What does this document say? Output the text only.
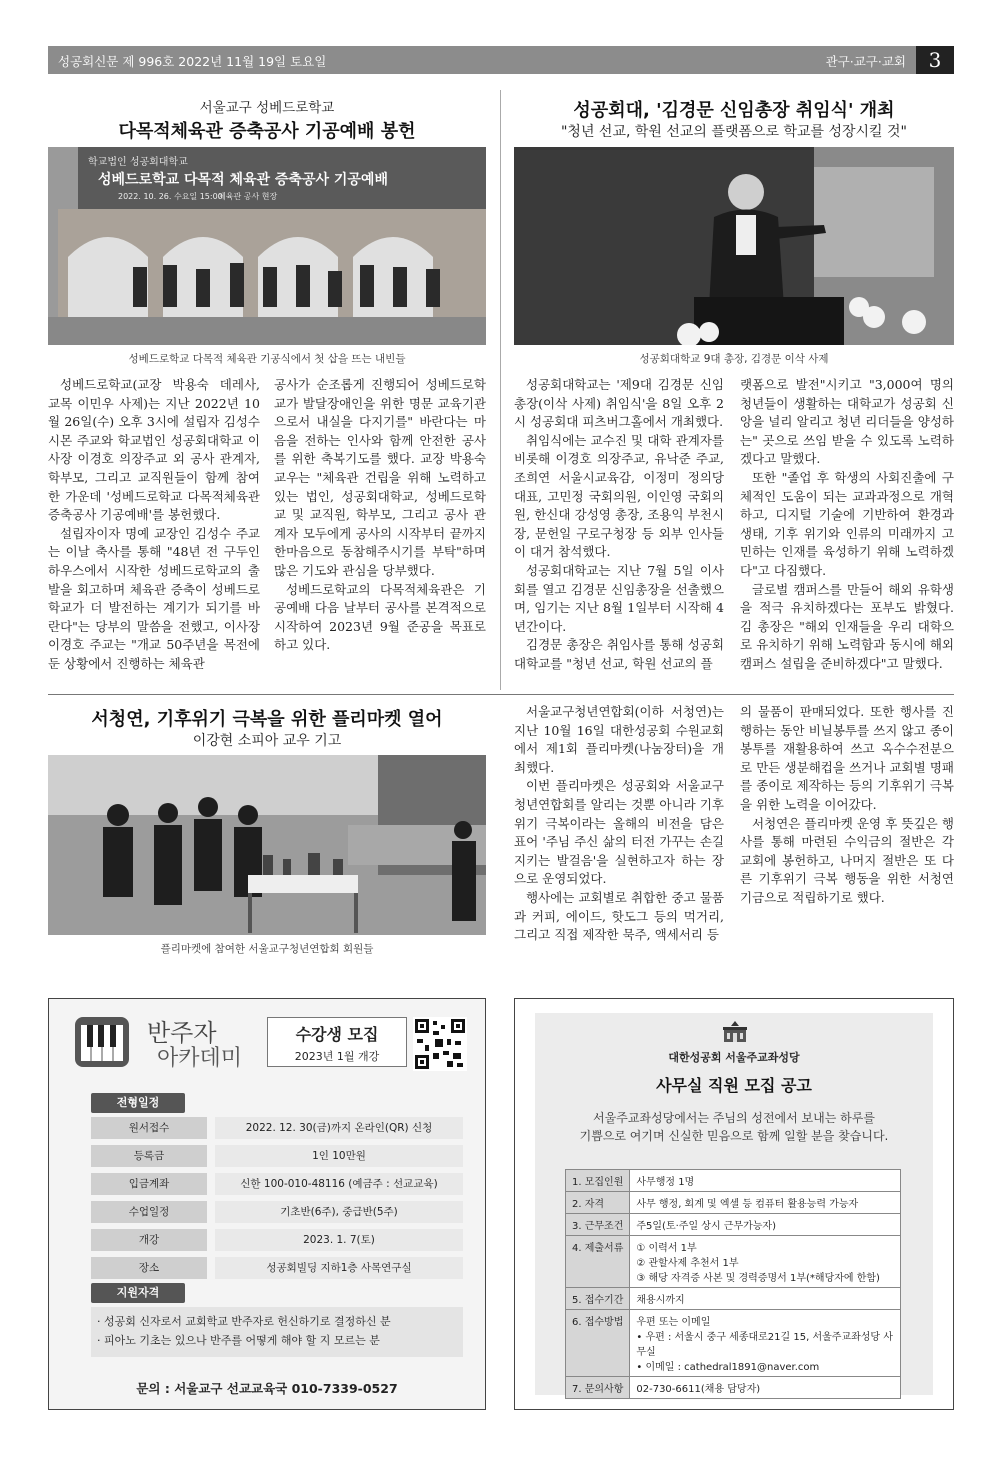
성공회신문 제 996호 2022년 11월 19일 토요일	관구·교구·교회	3
서울교구 성베드로학교
다목적체육관 증축공사 기공예배 봉헌
학교법인 성공회대학교
성베드로학교 다목적 체육관 증축공사 기공예배
2022. 10. 26. 수요일 15:00
체육관 공사 현장
성베드로학교 다목적 체육관 기공식에서 첫 삽을 뜨는 내빈들

성베드로학교(교장 박용숙 데레사, 교목 이민우 사제)는 지난 2022년 10월 26일(수) 오후 3시에 설립자 김성수 시몬 주교와 학교법인 성공회대학교 이사장 이경호 의장주교 외 공사 관계자, 학부모, 그리고 교직원들이 함께 참여한 가운데 '성베드로학교 다목적체육관 증축공사 기공예배'를 봉헌했다.

설립자이자 명예 교장인 김성수 주교는 이날 축사를 통해 "48년 전 구두인 하우스에서 시작한 성베드로학교의 출발을 회고하며 체육관 증축이 성베드로학교가 더 발전하는 계기가 되기를 바란다"는 당부의 말씀을 전했고, 이사장 이경호 주교는 "개교 50주년을 목전에 둔 상황에서 진행하는 체육관

공사가 순조롭게 진행되어 성베드로학교가 발달장애인을 위한 명문 교육기관으로서 내실을 다지기를" 바란다는 마음을 전하는 인사와 함께 안전한 공사를 위한 축복기도를 했다. 교장 박용숙 교우는 "체육관 건립을 위해 노력하고 있는 법인, 성공회대학교, 성베드로학교 및 교직원, 학부모, 그리고 공사 관계자 모두에게 공사의 시작부터 끝까지 한마음으로 동참해주시기를 부탁"하며 많은 기도와 관심을 당부했다.

성베드로학교의 다목적체육관은 기공예배 다음 날부터 공사를 본격적으로 시작하여 2023년 9월 준공을 목표로 하고 있다.

성공회대, '김경문 신임총장 취임식' 개최
"청년 선교, 학원 선교의 플랫폼으로 학교를 성장시킬 것"
성공회대학교 9대 총장, 김경문 이삭 사제

성공회대학교는 '제9대 김경문 신임총장(이삭 사제) 취임식'을 8일 오후 2시 성공회대 피츠버그홀에서 개최했다.

취임식에는 교수진 및 대학 관계자를 비롯해 이경호 의장주교, 유낙준 주교, 조희연 서울시교육감, 이정미 정의당 대표, 고민정 국회의원, 이인영 국회의원, 한신대 강성영 총장, 조용익 부천시장, 문헌일 구로구청장 등 외부 인사들이 대거 참석했다.

성공회대학교는 지난 7월 5일 이사회를 열고 김경문 신임총장을 선출했으며, 임기는 지난 8월 1일부터 시작해 4년간이다.

김경문 총장은 취임사를 통해 성공회대학교를 "청년 선교, 학원 선교의 플

랫폼으로 발전"시키고 "3,000여 명의 청년들이 생활하는 대학교가 성공회 신앙을 널리 알리고 청년 리더들을 양성하는" 곳으로 쓰임 받을 수 있도록 노력하겠다고 말했다.

또한 "졸업 후 학생의 사회진출에 구체적인 도움이 되는 교과과정으로 개혁하고, 디지털 기술에 기반하여 환경과 생태, 기후 위기와 인류의 미래까지 고민하는 인재를 육성하기 위해 노력하겠다"고 다짐했다.

글로벌 캠퍼스를 만들어 해외 유학생을 적극 유치하겠다는 포부도 밝혔다. 김 총장은 "해외 인재들을 우리 대학으로 유치하기 위해 노력함과 동시에 해외 캠퍼스 설립을 준비하겠다"고 말했다.

서청연, 기후위기 극복을 위한 플리마켓 열어
이강현 소피아 교우 기고
플리마켓에 참여한 서울교구청년연합회 회원들

서울교구청년연합회(이하 서청연)는 지난 10월 16일 대한성공회 수원교회에서 제1회 플리마켓(나눔장터)을 개최했다.

이번 플리마켓은 성공회와 서울교구청년연합회를 알리는 것뿐 아니라 기후위기 극복이라는 올해의 비전을 담은 표어 '주님 주신 삶의 터전 가꾸는 손길 지키는 발걸음'을 실현하고자 하는 장으로 운영되었다.

행사에는 교회별로 취합한 중고 물품과 커피, 에이드, 핫도그 등의 먹거리, 그리고 직접 제작한 묵주, 액세서리 등

의 물품이 판매되었다. 또한 행사를 진행하는 동안 비닐봉투를 쓰지 않고 종이봉투를 재활용하여 쓰고 옥수수전분으로 만든 생분해컵을 쓰거나 교회별 명패를 종이로 제작하는 등의 기후위기 극복을 위한 노력을 이어갔다.

서청연은 플리마켓 운영 후 뜻깊은 행사를 통해 마련된 수익금의 절반은 각 교회에 봉헌하고, 나머지 절반은 또 다른 기후위기 극복 행동을 위한 서청연 기금으로 적립하기로 했다.

반주자
아카데미
수강생 모집
2023년 1월 개강
전형일정
원서접수	2022. 12. 30(금)까지 온라인(QR) 신청
등록금	1인 10만원
입금계좌	신한 100-010-48116 (예금주 : 선교교육)
수업일정	기초반(6주), 중급반(5주)
개강	2023. 1. 7(토)
장소	성공회빌딩 지하1층 사목연구실
지원자격
· 성공회 신자로서 교회학교 반주자로 헌신하기로 결정하신 분
· 피아노 기초는 있으나 반주를 어떻게 해야 할 지 모르는 분
문의 : 서울교구 선교교육국 010-7339-0527
대한성공회 서울주교좌성당
사무실 직원 모집 공고
서울주교좌성당에서는 주님의 성전에서 보내는 하루를
기쁨으로 여기며 신실한 믿음으로 함께 일할 분을 찾습니다.
1. 모집인원	사무행정 1명
2. 자격	사무 행정, 회계 및 엑셀 등 컴퓨터 활용능력 가능자
3. 근무조건	주5일(토·주일 상시 근무가능자)
4. 제출서류	① 이력서 1부
② 관할사제 추천서 1부
③ 해당 자격증 사본 및 경력증명서 1부(*해당자에 한함)

5. 접수기간	채용시까지
6. 접수방법	우편 또는 이메일
• 우편 : 서울시 중구 세종대로21길 15, 서울주교좌성당 사무실
• 이메일 : cathedral1891@naver.com

7. 문의사항	02-730-6611(채용 담당자)
